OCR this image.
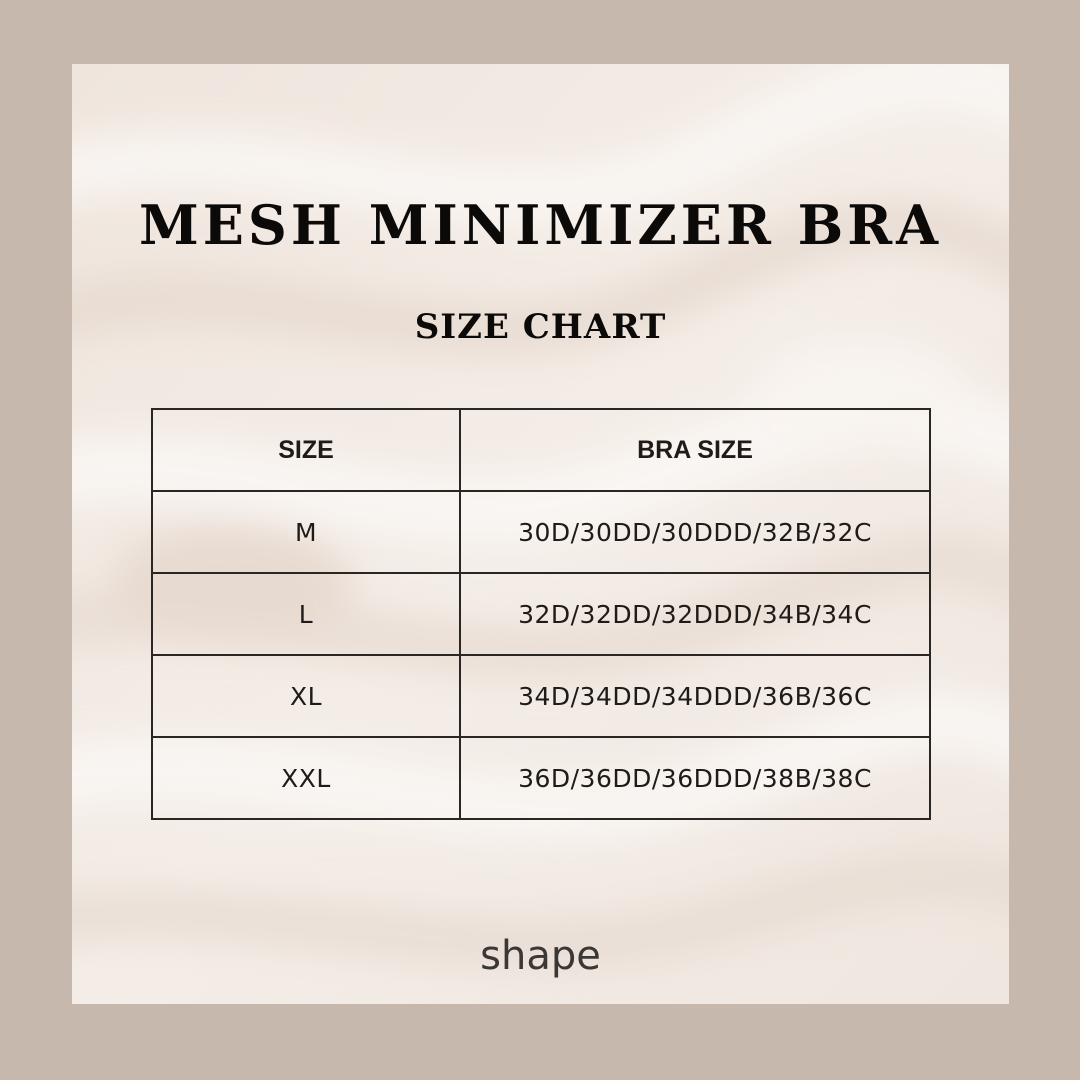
MESH MINIMIZER BRA
SIZE CHART
SIZE	BRA SIZE
M	30D/30DD/30DDD/32B/32C
L	32D/32DD/32DDD/34B/34C
XL	34D/34DD/34DDD/36B/36C
XXL	36D/36DD/36DDD/38B/38C
shape
